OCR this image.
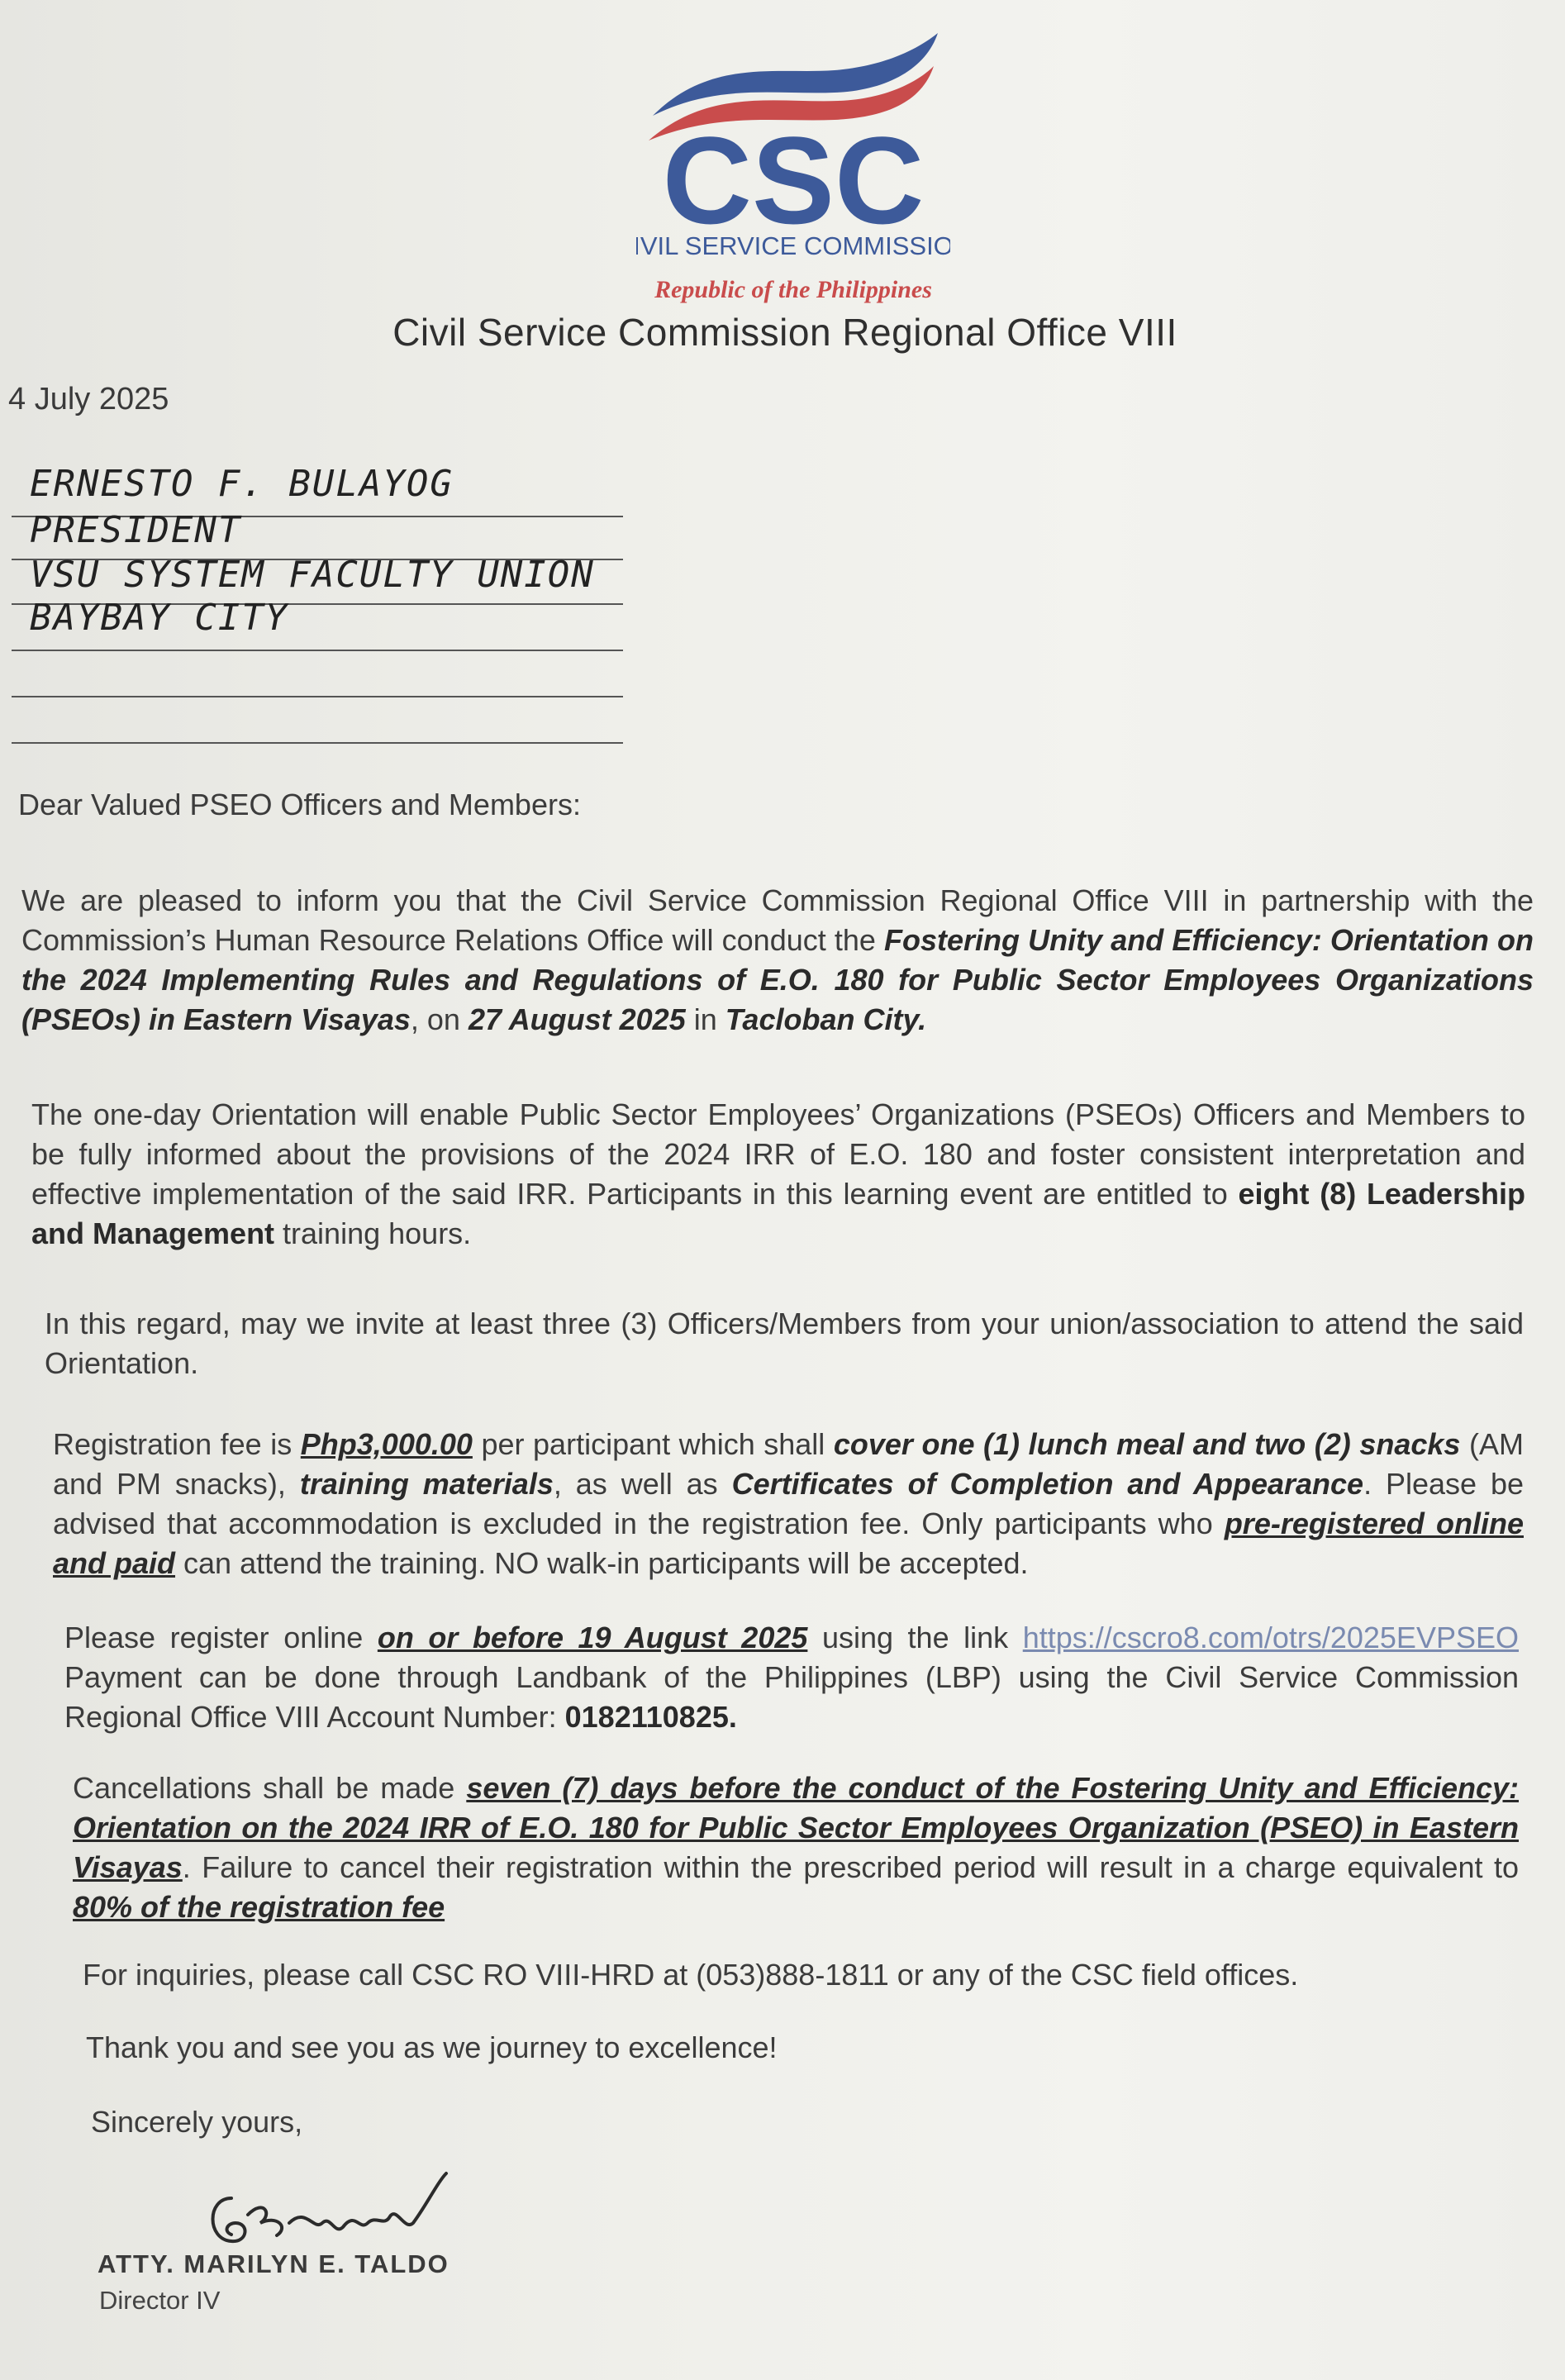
CSC
IVIL SERVICE COMMISSIO
Republic of the Philippines
Civil Service Commission Regional Office VIII
4 July 2025
ERNESTO F. BULAYOG
PRESIDENT
VSU SYSTEM FACULTY UNION
BAYBAY CITY
Dear Valued PSEO Officers and Members:
We are pleased to inform you that the Civil Service Commission Regional Office VIII in partnership with the Commission’s Human Resource Relations Office will conduct the Fostering Unity and Efficiency: Orientation on the 2024 Implementing Rules and Regulations of E.O. 180 for Public Sector Employees Organizations (PSEOs) in Eastern Visayas, on 27 August 2025 in Tacloban City.
The one-day Orientation will enable Public Sector Employees’ Organizations (PSEOs) Officers and Members to be fully informed about the provisions of the 2024 IRR of E.O. 180 and foster consistent interpretation and effective implementation of the said IRR. Participants in this learning event are entitled to eight (8) Leadership and Management training hours.
In this regard, may we invite at least three (3) Officers/Members from your union/association to attend the said Orientation.
Registration fee is Php3,000.00 per participant which shall cover one (1) lunch meal and two (2) snacks (AM and PM snacks), training materials, as well as Certificates of Completion and Appearance. Please be advised that accommodation is excluded in the registration fee. Only participants who pre-registered online and paid can attend the training. NO walk-in participants will be accepted.
Please register online on or before 19 August 2025 using the link https://cscro8.com/otrs/2025EVPSEO Payment can be done through Landbank of the Philippines (LBP) using the Civil Service Commission Regional Office VIII Account Number: 0182110825.
Cancellations shall be made seven (7) days before the conduct of the Fostering Unity and Efficiency: Orientation on the 2024 IRR of E.O. 180 for Public Sector Employees Organization (PSEO) in Eastern Visayas. Failure to cancel their registration within the prescribed period will result in a charge equivalent to 80% of the registration fee
For inquiries, please call CSC RO VIII-HRD at (053)888-1811 or any of the CSC field offices.
Thank you and see you as we journey to excellence!
Sincerely yours,
ATTY. MARILYN E. TALDO
Director IV
